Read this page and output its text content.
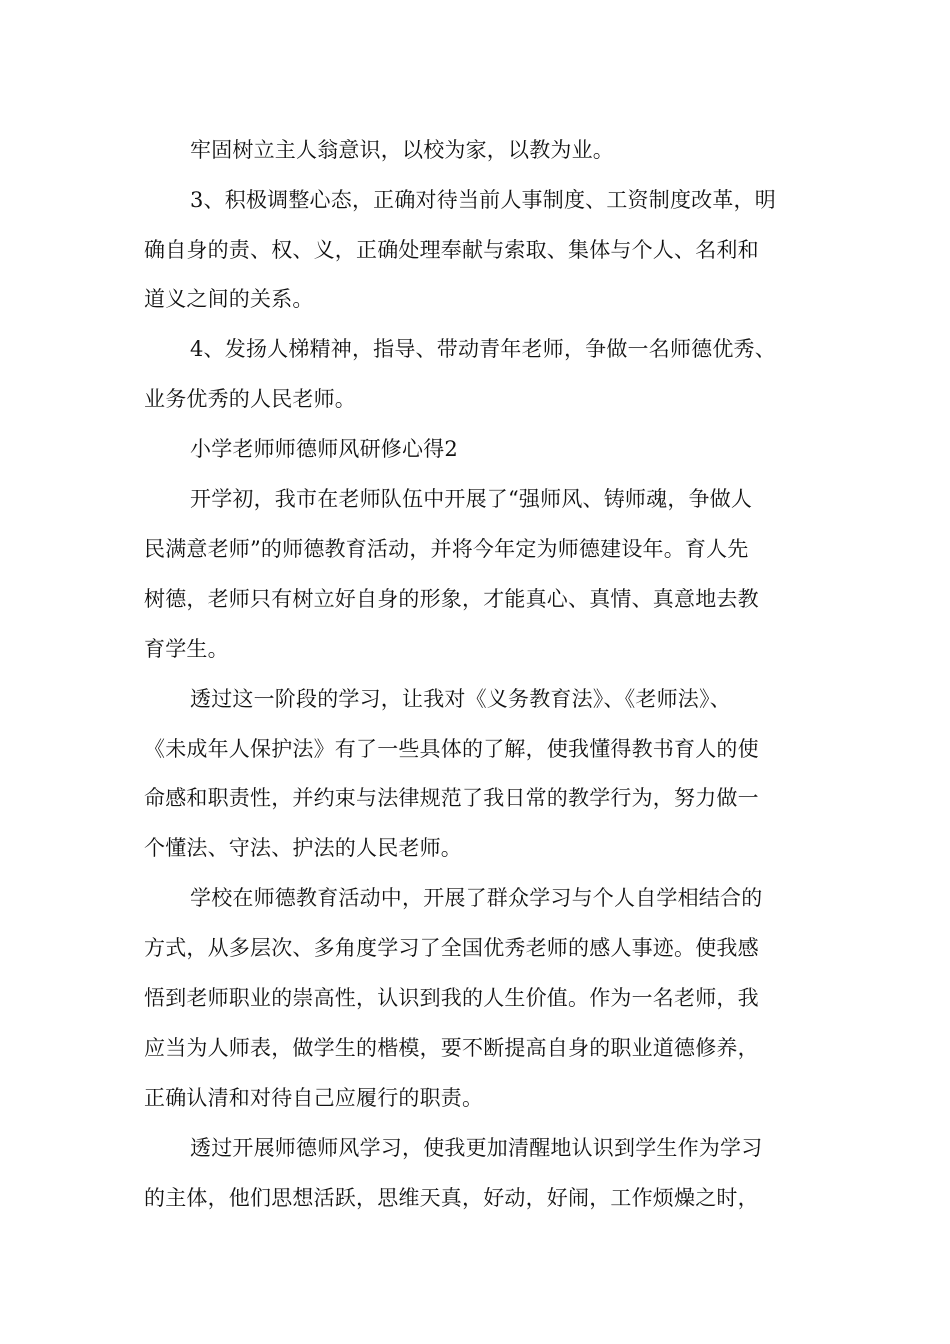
牢固树立主人翁意识，以校为家，以教为业。
3、积极调整心态，正确对待当前人事制度、工资制度改革，明
确自身的责、权、义，正确处理奉献与索取、集体与个人、名利和
道义之间的关系。
4、发扬人梯精神，指导、带动青年老师，争做一名师德优秀、
业务优秀的人民老师。
小学老师师德师风研修心得2
开学初，我市在老师队伍中开展了“强师风、铸师魂，争做人
民满意老师”的师德教育活动，并将今年定为师德建设年。育人先
树德，老师只有树立好自身的形象，才能真心、真情、真意地去教
育学生。
透过这一阶段的学习，让我对《义务教育法》、《老师法》、
《未成年人保护法》有了一些具体的了解，使我懂得教书育人的使
命感和职责性，并约束与法律规范了我日常的教学行为，努力做一
个懂法、守法、护法的人民老师。
学校在师德教育活动中，开展了群众学习与个人自学相结合的
方式，从多层次、多角度学习了全国优秀老师的感人事迹。使我感
悟到老师职业的崇高性，认识到我的人生价值。作为一名老师，我
应当为人师表，做学生的楷模，要不断提高自身的职业道德修养，
正确认清和对待自己应履行的职责。
透过开展师德师风学习，使我更加清醒地认识到学生作为学习
的主体，他们思想活跃，思维天真，好动，好闹，工作烦燥之时，
